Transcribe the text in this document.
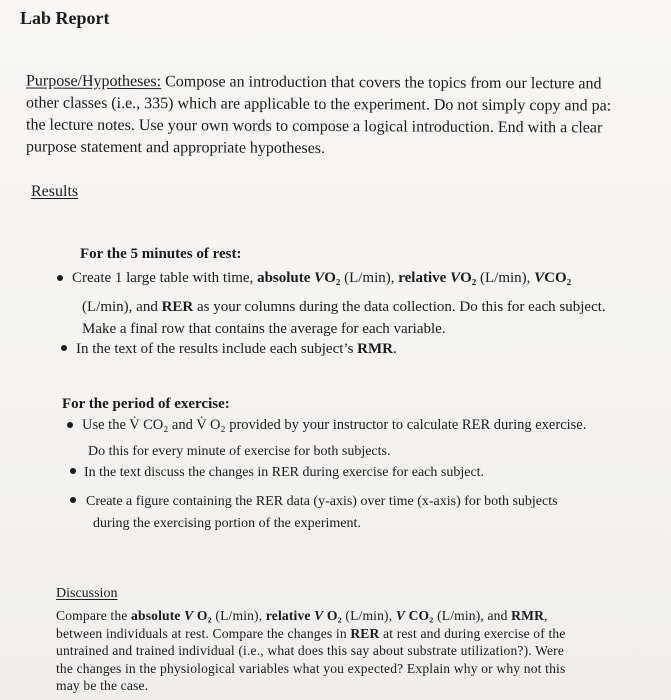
Lab Report
Purpose/Hypotheses: Compose an introduction that covers the topics from our lecture and
other classes (i.e., 335) which are applicable to the experiment. Do not simply copy and pa:
the lecture notes. Use your own words to compose a logical introduction. End with a clear
purpose statement and appropriate hypotheses.
Results
For the 5 minutes of rest:
Create 1 large table with time, absolute VO₂ (L/min), relative VO₂ (L/min), VCO₂
(L/min), and RER as your columns during the data collection. Do this for each subject.
Make a final row that contains the average for each variable.
In the text of the results include each subject’s RMR.
For the period of exercise:
Use the V̇ CO₂ and V̇ O₂ provided by your instructor to calculate RER during exercise.
Do this for every minute of exercise for both subjects.
In the text discuss the changes in RER during exercise for each subject.
Create a figure containing the RER data (y-axis) over time (x-axis) for both subjects
during the exercising portion of the experiment.
Discussion
Compare the absolute V O₂ (L/min), relative V O₂ (L/min), V CO₂ (L/min), and RMR,
between individuals at rest. Compare the changes in RER at rest and during exercise of the
untrained and trained individual (i.e., what does this say about substrate utilization?). Were
the changes in the physiological variables what you expected? Explain why or why not this
may be the case.
